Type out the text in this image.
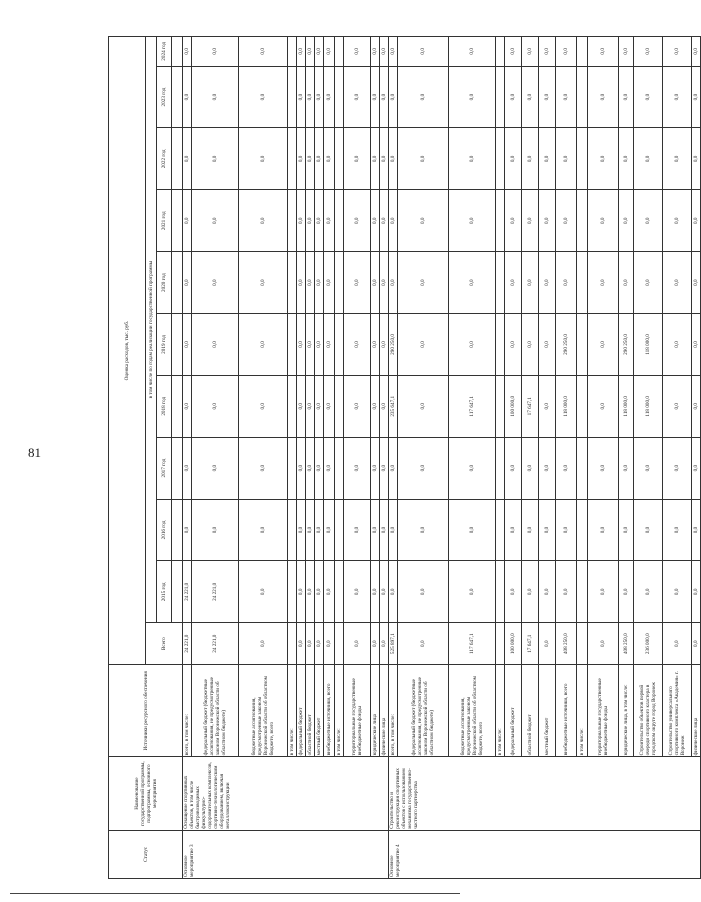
81
Статус	Наименование государственной программы, подпрограммы, основного мероприятия	Источники ресурсного обеспечения	Оценка расходов, тыс. руб.										
			Всего	в том числе по годам реализации государственной программы									
				2015 год	2016 год	2017 год	2018 год	2019 год	2020 год	2021 год	2022 год	2023 год	2024 год

Основное мероприятие 3	Оснащение спортивных объектов, в том числе быстровозводимых физкультурно-оздоровительных комплексов, спортивно-технологическим оборудованием, включая металлоконструкции	всего, в том числе:	24 221,0	24 221,0	0,0	0,0	0,0	0,0	0,0	0,0	0,0	0,0	0,0
		федеральный бюджет (бюджетные ассигнования, не предусмотренные законом Воронежской области об областном бюджете)	24 221,0	24 221,0	0,0	0,0	0,0	0,0	0,0	0,0	0,0	0,0	0,0
		бюджетные ассигнования, предусмотренные законом Воронежской области об областном бюджете, всего	0,0	0,0	0,0	0,0	0,0	0,0	0,0	0,0	0,0	0,0	0,0
		в том числе:											
		федеральный бюджет	0,0	0,0	0,0	0,0	0,0	0,0	0,0	0,0	0,0	0,0	0,0
		областной бюджет	0,0	0,0	0,0	0,0	0,0	0,0	0,0	0,0	0,0	0,0	0,0
		местный бюджет	0,0	0,0	0,0	0,0	0,0	0,0	0,0	0,0	0,0	0,0	0,0
		внебюджетные источники, всего	0,0	0,0	0,0	0,0	0,0	0,0	0,0	0,0	0,0	0,0	0,0
		в том числе:											
		территориальные государственные внебюджетные фонды	0,0	0,0	0,0	0,0	0,0	0,0	0,0	0,0	0,0	0,0	0,0
		юридические лица	0,0	0,0	0,0	0,0	0,0	0,0	0,0	0,0	0,0	0,0	0,0
		физические лица	0,0	0,0	0,0	0,0	0,0	0,0	0,0	0,0	0,0	0,0	0,0
Основное мероприятие 4	Строительство и реконструкция спортивных объектов с использованием механизма государственно-частного партнерства	всего, в том числе:	525 897,1	0,0	0,0	0,0	235 647,1	290 250,0	0,0	0,0	0,0	0,0	0,0
		федеральный бюджет (бюджетные ассигнования, не предусмотренные законом Воронежской области об областном бюджете)	0,0	0,0	0,0	0,0	0,0	0,0	0,0	0,0	0,0	0,0	0,0
		бюджетные ассигнования, предусмотренные законом Воронежской области об областном бюджете, всего	117 647,1	0,0	0,0	0,0	117 647,1	0,0	0,0	0,0	0,0	0,0	0,0
		в том числе:											
		федеральный бюджет	100 000,0	0,0	0,0	0,0	100 000,0	0,0	0,0	0,0	0,0	0,0	0,0
		областной бюджет	17 647,1	0,0	0,0	0,0	17 647,1	0,0	0,0	0,0	0,0	0,0	0,0
		местный бюджет	0,0	0,0	0,0	0,0	0,0	0,0	0,0	0,0	0,0	0,0	0,0
		внебюджетные источники, всего	408 250,0	0,0	0,0	0,0	118 000,0	290 250,0	0,0	0,0	0,0	0,0	0,0
		в том числе:											
		территориальные государственные внебюджетные фонды	0,0	0,0	0,0	0,0	0,0	0,0	0,0	0,0	0,0	0,0	0,0
		юридические лица, в том числе:	408 250,0	0,0	0,0	0,0	118 000,0	290 250,0	0,0	0,0	0,0	0,0	0,0
		Строительство объектов первой очереди спортивного кластера в городском округе город Воронеж	236 000,0	0,0	0,0	0,0	118 000,0	118 000,0	0,0	0,0	0,0	0,0	0,0
		Строительство универсального спортивного комплекса «Академия» г. Воронеж	0,0	0,0	0,0	0,0	0,0	0,0	0,0	0,0	0,0	0,0	0,0
		физические лица	0,0	0,0	0,0	0,0	0,0	0,0	0,0	0,0	0,0	0,0	0,0
